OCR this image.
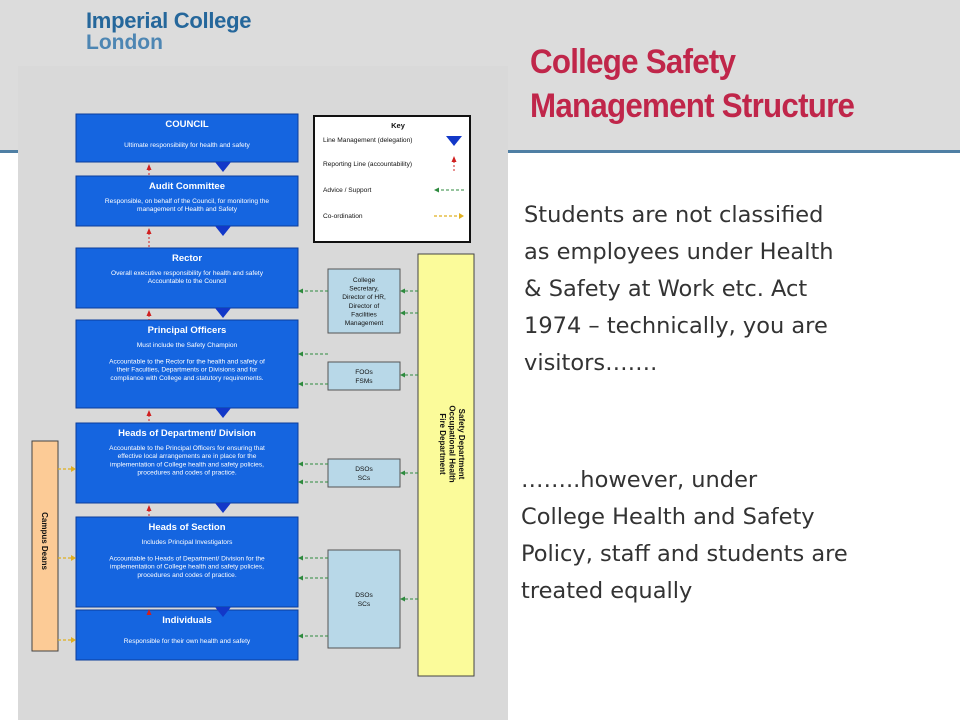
Imperial College
London
College Safety
Management Structure
COUNCIL
Ultimate responsibility for health and safety
Audit Committee
Responsible, on behalf of the Council, for monitoring the
management of Health and Safety
Rector
Overall executive responsibility for health and safety
Accountable to the Council
Principal Officers
Must include the Safety Champion
Accountable to the Rector for the health and safety of
their Faculties, Departments or Divisions and for
compliance with College and statutory requirements.
Heads of Department/ Division
Accountable to the Principal Officers for ensuring that
effective local arrangements are in place for the
implementation of College health and safety policies,
procedures and codes of practice.
Heads of Section
Includes Principal Investigators
Accountable to Heads of Department/ Division for the
implementation of College health and safety policies,
procedures and codes of practice.
Individuals
Responsible for their own health and safety
Key
Line Management (delegation)
Reporting Line (accountability)
Advice / Support
Co-ordination
Safety Department
Occupational Health
Fire Department
Campus Deans
College
Secretary,
Director of HR,
Director of
Facilities
Management
FOOs
FSMs
DSOs
SCs
DSOs
SCs
Students are not classified
as employees under Health
& Safety at Work etc. Act
1974 – technically, you are
visitors…….
……..however, under
College Health and Safety
Policy, staff and students are
treated equally
